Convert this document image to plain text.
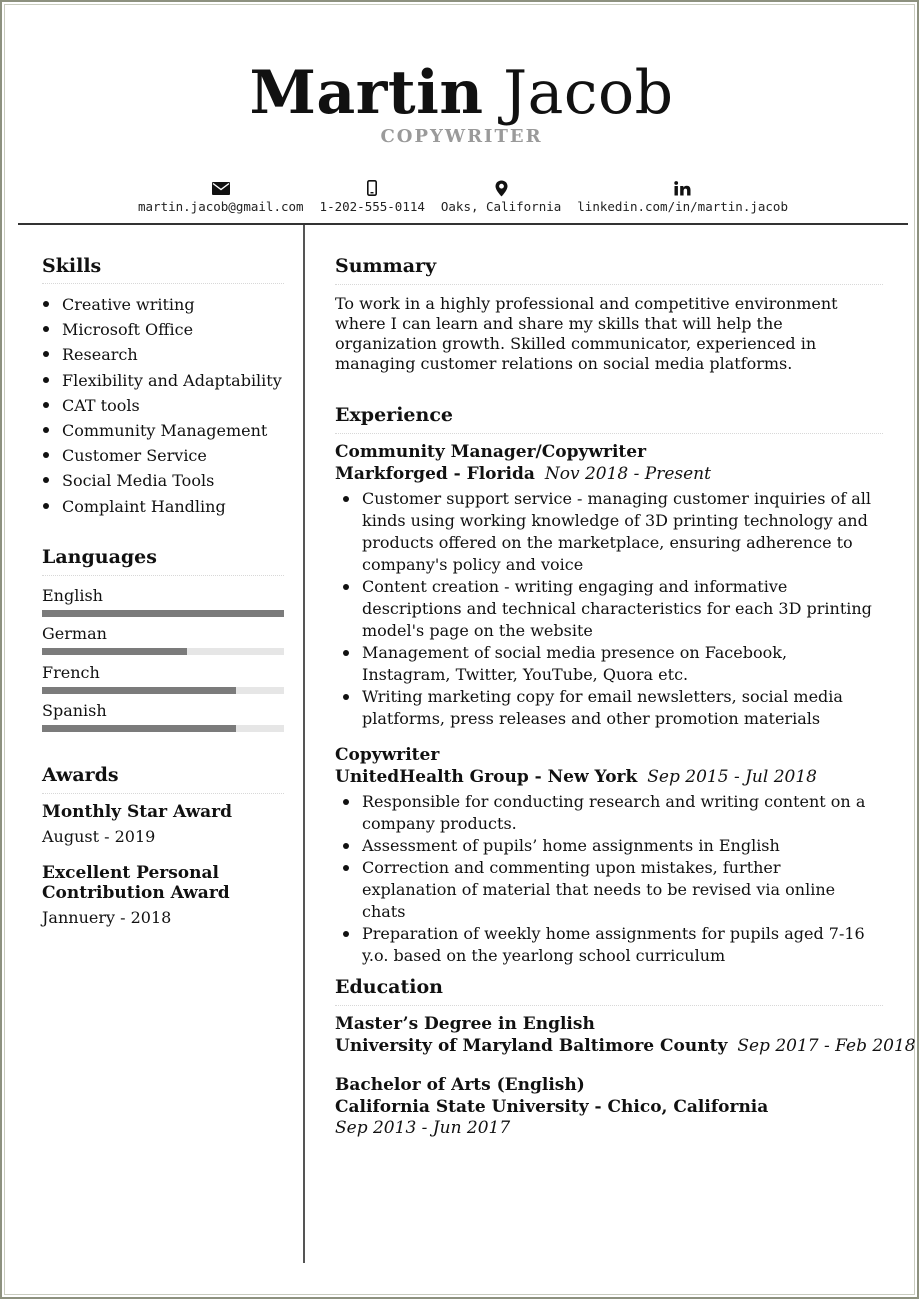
Martin Jacob
COPYWRITER
martin.jacob@gmail.com 1-202-555-0114 Oaks, California linkedin.com/in/martin.jacob
Skills
Creative writing
Microsoft Office
Research
Flexibility and Adaptability
CAT tools
Community Management
Customer Service
Social Media Tools
Complaint Handling
Languages
English
German
French
Spanish
Awards
Monthly Star Award
August - 2019
Excellent Personal Contribution Award
Jannuery - 2018
Summary
To work in a highly professional and competitive environment where I can learn and share my skills that will help the organization growth. Skilled communicator, experienced in managing customer relations on social media platforms.
Experience
Community Manager/Copywriter
Markforged - Florida Nov 2018 - Present
Customer support service - managing customer inquiries of all kinds using working knowledge of 3D printing technology and products offered on the marketplace, ensuring adherence to company's policy and voice
Content creation - writing engaging and informative descriptions and technical characteristics for each 3D printing model's page on the website
Management of social media presence on Facebook, Instagram, Twitter, YouTube, Quora etc.
Writing marketing copy for email newsletters, social media platforms, press releases and other promotion materials
Copywriter
UnitedHealth Group - New York Sep 2015 - Jul 2018
Responsible for conducting research and writing content on a company products.
Assessment of pupils’ home assignments in English
Correction and commenting upon mistakes, further explanation of material that needs to be revised via online chats
Preparation of weekly home assignments for pupils aged 7-16 y.o. based on the yearlong school curriculum
Education
Master’s Degree in English
University of Maryland Baltimore County Sep 2017 - Feb 2018
Bachelor of Arts (English)
California State University - Chico, California
Sep 2013 - Jun 2017
